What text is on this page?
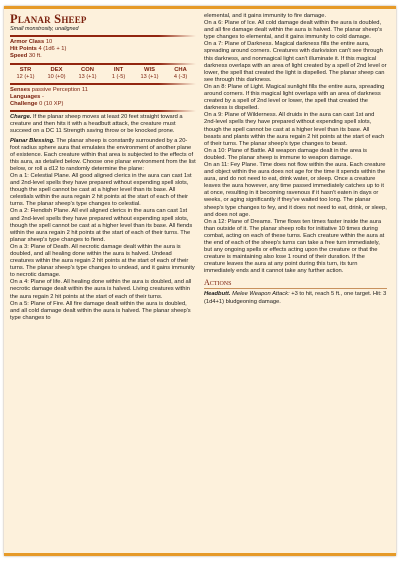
Planar Sheep
Small monstrosity, unaligned
Armor Class 10
Hit Points 4 (1d6 + 1)
Speed 30 ft.
STR
12 (+1)
DEX
10 (+0)
CON
13 (+1)
INT
1 (-5)
WIS
13 (+1)
CHA
4 (-3)
Senses passive Perception 11
Languages -
Challenge 0 (10 XP)
Charge. If the planar sheep moves at least 20 feet straight toward a creature and then hits it with a headbutt attack, the creature must succeed on a DC 11 Strength saving throw or be knocked prone.
Planar Blessing. The planar sheep is constantly surrounded by a 20-foot radius sphere aura that emulates the environment of another plane of existence. Each creature within that area is subjected to the effects of this aura, as detailed below. Choose one planar environment from the list below, or roll a d12 to randomly determine the plane:
On a 1: Celestial Plane. All good aligned clerics in the aura can cast 1st and 2nd-level spells they have prepared without expending spell slots, though the spell cannot be cast at a higher level than its base. All celestials within the aura regain 2 hit points at the start of each of their turns. The planar sheep's type changes to celestial.
On a 2: Fiendish Plane. All evil aligned clerics in the aura can cast 1st and 2nd-level spells they have prepared without expending spell slots, though the spell cannot be cast at a higher level than its base. All fiends within the aura regain 2 hit points at the start of each of their turns. The planar sheep's type changes to fiend.
On a 3: Plane of Death. All necrotic damage dealt within the aura is doubled, and all healing done within the aura is halved. Undead creatures within the aura regain 2 hit points at the start of each of their turns. The planar sheep's type changes to undead, and it gains immunity to necrotic damage.
On a 4: Plane of life. All healing done within the aura is doubled, and all necrotic damage dealt within the aura is halved. Living creatures within the aura regain 2 hit points at the start of each of their turns.
On a 5: Plane of Fire. All fire damage dealt within the aura is doubled, and all cold damage dealt within the aura is halved. The planar sheep's type changes to
elemental, and it gains immunity to fire damage.
On a 6: Plane of Ice. All cold damage dealt within the aura is doubled, and all fire damage dealt within the aura is halved. The planar sheep's type changes to elemental, and it gains immunity to cold damage.
On a 7: Plane of Darkness. Magical darkness fills the entire aura, spreading around corners. Creatures with darkvision can't see through this darkness, and nonmagical light can't illuminate it. If this magical darkness overlaps with an area of light created by a spell of 2nd level or lower, the spell that created the light is dispelled. The planar sheep can see through this darkness.
On an 8: Plane of Light. Magical sunlight fills the entire aura, spreading around corners. If this magical light overlaps with an area of darkness created by a spell of 2nd level or lower, the spell that created the darkness is dispelled.
On a 9: Plane of Wilderness. All druids in the aura can cast 1st and 2nd-level spells they have prepared without expending spell slots, though the spell cannot be cast at a higher level than its base. All beasts and plants within the aura regain 2 hit points at the start of each of their turns. The planar sheep's type changes to beast.
On a 10: Plane of Battle. All weapon damage dealt in the area is doubled. The planar sheep is immune to weapon damage.
On an 11: Fey Plane. Time does not flow within the aura. Each creature and object within the aura does not age for the time it spends within the aura, and do not need to eat, drink water, or sleep. Once a creature leaves the aura however, any time passed immediately catches up to it at once, resulting in it becoming ravenous if it hasn't eaten in days or weeks, or aging significantly if they've waited too long. The planar sheep's type changes to fey, and it does not need to eat, drink, or sleep, and does not age.
On a 12: Plane of Dreams. Time flows ten times faster inside the aura than outside of it. The planar sheep rolls for initiative 10 times during combat, acting on each of these turns. Each creature within the aura at the end of each of the sheep's turns can take a free turn immediately, but any ongoing spells or effects acting upon the creature or that the creature is maintaining also lose 1 round of their duration. If the creature leaves the aura at any point during this turn, its turn immediately ends and it cannot take any further action.
Actions
Headbutt. Melee Weapon Attack: +3 to hit, reach 5 ft., one target. Hit: 3 (1d4+1) bludgeoning damage.
